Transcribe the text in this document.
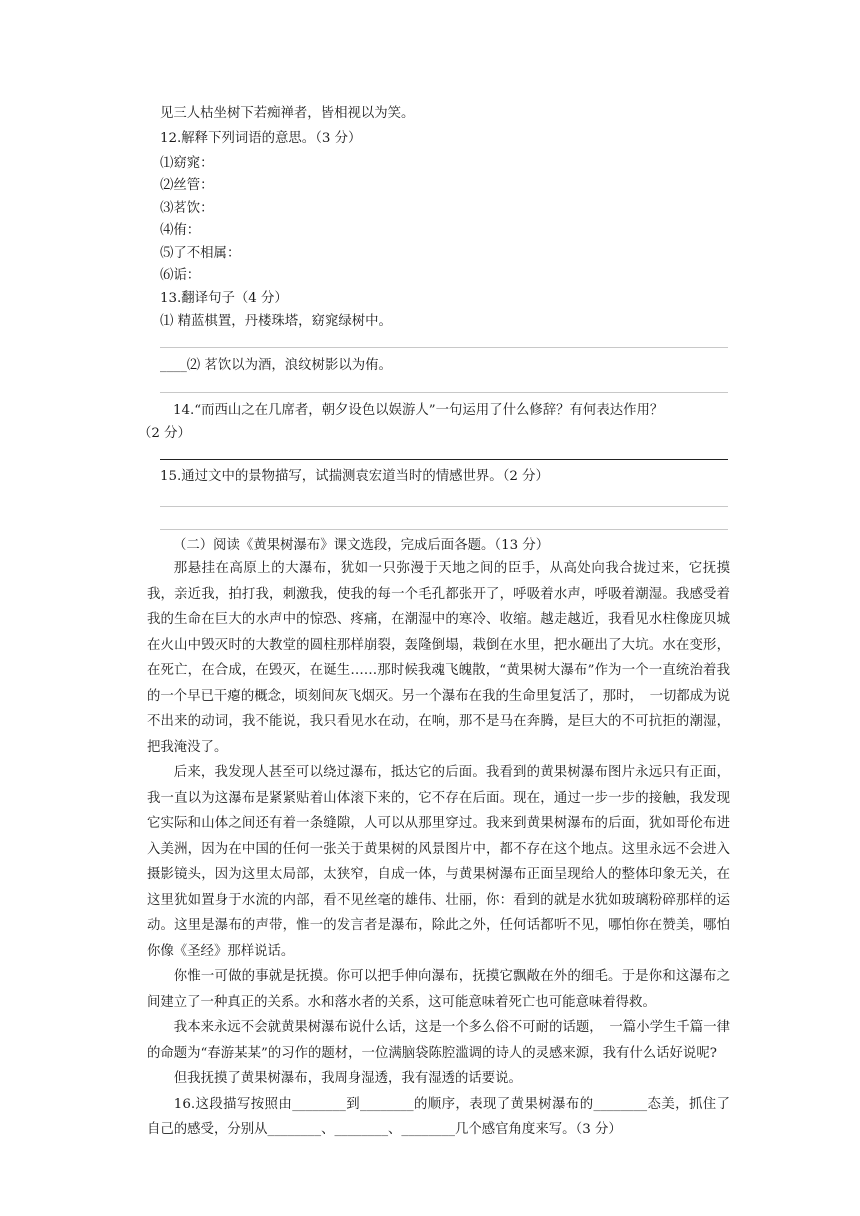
见三人枯坐树下若痴禅者，皆相视以为笑。
12.解释下列词语的意思。（3 分）
⑴窈窕：
⑵丝管：
⑶茗饮：
⑷侑：
⑸了不相属：
⑹诟：
13.翻译句子（4 分）
⑴ 精蓝棋置，丹楼珠塔，窈窕绿树中。
____⑵ 茗饮以为酒，浪纹树影以为侑。
14.“而西山之在几席者，朝夕设色以娱游人”一句运用了什么修辞？有何表达作用？
（2 分）
15.通过文中的景物描写，试揣测袁宏道当时的情感世界。（2 分）
（二）阅读《黄果树瀑布》课文选段，完成后面各题。（13 分）

那悬挂在高原上的大瀑布，犹如一只弥漫于天地之间的臣手，从高处向我合拢过来，它抚摸我，亲近我，拍打我，刺激我，使我的每一个毛孔都张开了，呼吸着水声，呼吸着潮湿。我感受着我的生命在巨大的水声中的惊恐、疼痛，在潮湿中的寒冷、收缩。越走越近，我看见水柱像庞贝城在火山中毁灭时的大教堂的圆柱那样崩裂，轰隆倒塌，栽倒在水里，把水砸出了大坑。水在变形，在死亡，在合成，在毁灭，在诞生……那时候我魂飞魄散，“黄果树大瀑布”作为一个一直统治着我的一个早已干瘪的概念，顷刻间灰飞烟灭。另一个瀑布在我的生命里复活了，那时，　一切都成为说不出来的动词，我不能说，我只看见水在动，在响，那不是马在奔腾，是巨大的不可抗拒的潮湿，把我淹没了。

后来，我发现人甚至可以绕过瀑布，抵达它的后面。我看到的黄果树瀑布图片永远只有正面，我一直以为这瀑布是紧紧贴着山体滚下来的，它不存在后面。现在，通过一步一步的接触，我发现它实际和山体之间还有着一条缝隙，人可以从那里穿过。我来到黄果树瀑布的后面，犹如哥伦布进入美洲，因为在中国的任何一张关于黄果树的风景图片中，都不存在这个地点。这里永远不会进入摄影镜头，因为这里太局部，太狭窄，自成一体，与黄果树瀑布正面呈现给人的整体印象无关，在这里犹如置身于水流的内部，看不见丝毫的雄伟、壮丽，你：看到的就是水犹如玻璃粉碎那样的运动。这里是瀑布的声带，惟一的发言者是瀑布，除此之外，任何话都听不见，哪怕你在赞美，哪怕你像《圣经》那样说话。

你惟一可做的事就是抚摸。你可以把手伸向瀑布，抚摸它飘敞在外的细毛。于是你和这瀑布之间建立了一种真正的关系。水和落水者的关系，这可能意味着死亡也可能意味着得救。

我本来永远不会就黄果树瀑布说什么话，这是一个多么俗不可耐的话题，　一篇小学生千篇一律的命题为“春游某某”的习作的题材，一位满脑袋陈腔滥调的诗人的灵感来源，我有什么话好说呢?

但我抚摸了黄果树瀑布，我周身湿透，我有湿透的话要说。

16.这段描写按照由________到________的顺序，表现了黄果树瀑布的________态美，抓住了自己的感受，分别从________、________、________几个感官角度来写。（3 分）
